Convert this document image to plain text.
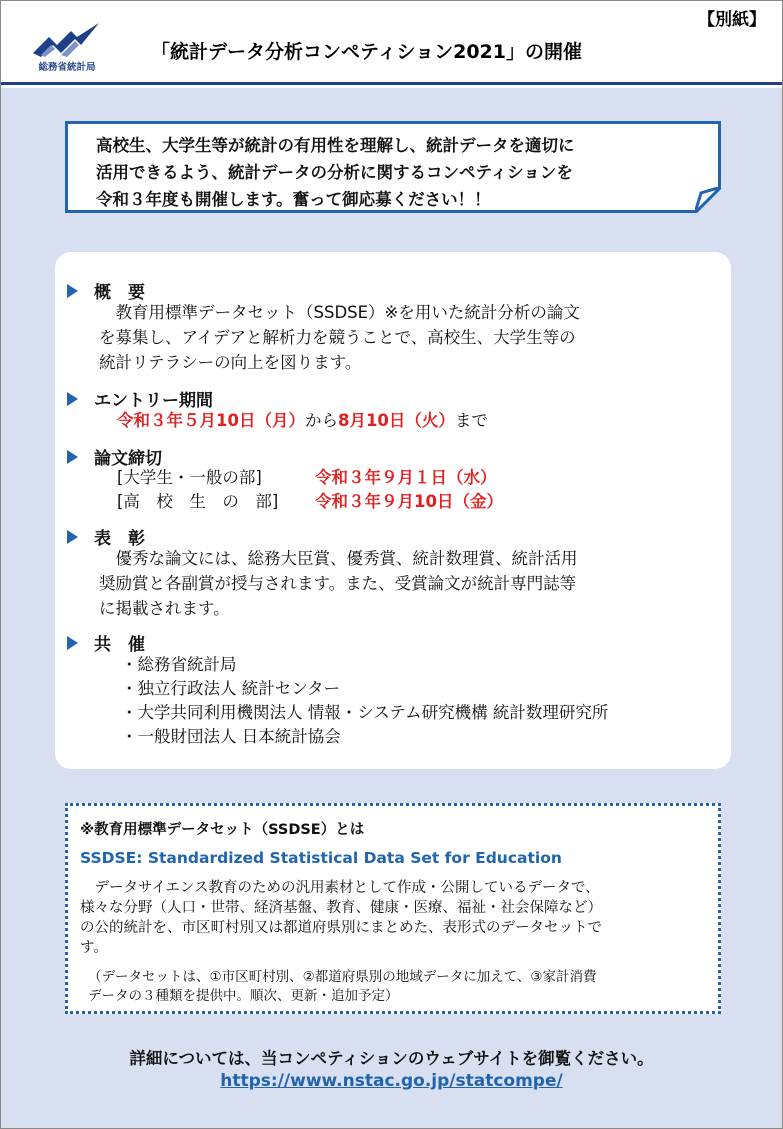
総務省統計局
【別紙】
「統計データ分析コンペティション2021」の開催
高校生、大学生等が統計の有用性を理解し、統計データを適切に
活用できるよう、統計データの分析に関するコンペティションを
令和３年度も開催します。奮って御応募ください！！
概　要
　教育用標準データセット（SSDSE）※を用いた統計分析の論文
を募集し、アイデアと解析力を競うことで、高校生、大学生等の
統計リテラシーの向上を図ります。
エントリー期間
令和３年５月10日（月）から8月10日（火）まで
論文締切
[大学生・一般の部]	令和３年９月１日（水）
[高　校　生　の　部] 令和３年９月10日（金）
表　彰
　優秀な論文には、総務大臣賞、優秀賞、統計数理賞、統計活用
奨励賞と各副賞が授与されます。また、受賞論文が統計専門誌等
に掲載されます。
共　催
・総務省統計局
・独立行政法人 統計センター
・大学共同利用機関法人 情報・システム研究機構 統計数理研究所
・一般財団法人 日本統計協会
※教育用標準データセット（SSDSE）とは
SSDSE: Standardized Statistical Data Set for Education
　データサイエンス教育のための汎用素材として作成・公開しているデータで、
様々な分野（人口・世帯、経済基盤、教育、健康・医療、福祉・社会保障など）
の公的統計を、市区町村別又は都道府県別にまとめた、表形式のデータセットで
す。
（データセットは、①市区町村別、②都道府県別の地域データに加えて、③家計消費
データの３種類を提供中。順次、更新・追加予定）
詳細については、当コンペティションのウェブサイトを御覧ください。
https://www.nstac.go.jp/statcompe/
